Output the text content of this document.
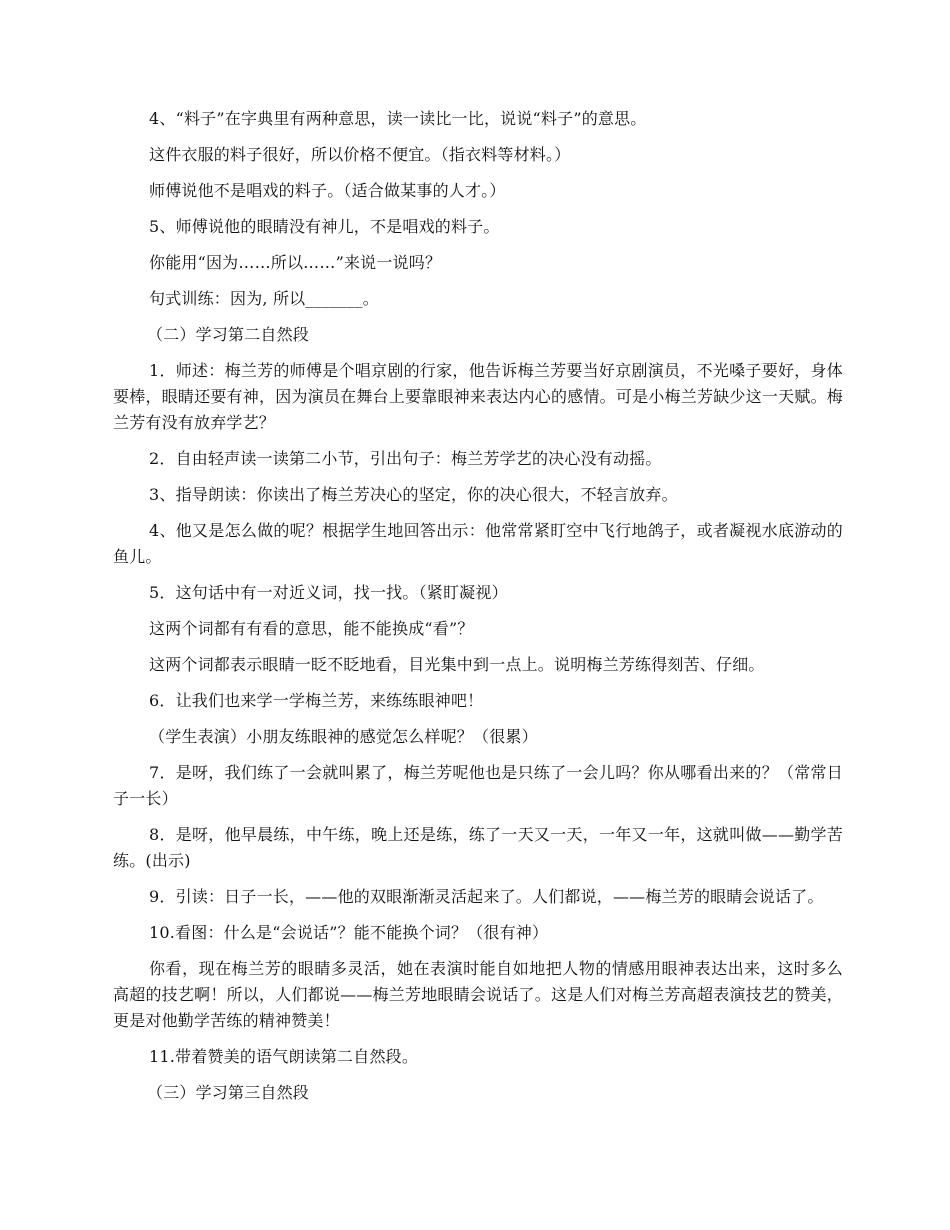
4、“料子”在字典里有两种意思，读一读比一比，说说“料子”的意思。

这件衣服的料子很好，所以价格不便宜。（指衣料等材料。）

师傅说他不是唱戏的料子。（适合做某事的人才。）

5、师傅说他的眼睛没有神儿，不是唱戏的料子。

你能用“因为……所以……”来说一说吗？

句式训练：因为, 所以_______。

（二）学习第二自然段

1．师述：梅兰芳的师傅是个唱京剧的行家，他告诉梅兰芳要当好京剧演员，不光嗓子要好，身体要棒，眼睛还要有神，因为演员在舞台上要靠眼神来表达内心的感情。可是小梅兰芳缺少这一天赋。梅兰芳有没有放弃学艺？

2．自由轻声读一读第二小节，引出句子：梅兰芳学艺的决心没有动摇。

3、指导朗读：你读出了梅兰芳决心的坚定，你的决心很大，不轻言放弃。

4、他又是怎么做的呢？根据学生地回答出示：他常常紧盯空中飞行地鸽子，或者凝视水底游动的鱼儿。

5．这句话中有一对近义词，找一找。（紧盯凝视）

这两个词都有有看的意思，能不能换成“看”？

这两个词都表示眼睛一眨不眨地看，目光集中到一点上。说明梅兰芳练得刻苦、仔细。

6．让我们也来学一学梅兰芳，来练练眼神吧！

（学生表演）小朋友练眼神的感觉怎么样呢？（很累）

7．是呀，我们练了一会就叫累了，梅兰芳呢他也是只练了一会儿吗？你从哪看出来的？（常常日子一长）

8．是呀，他早晨练，中午练，晚上还是练，练了一天又一天，一年又一年，这就叫做——勤学苦练。(出示)

9．引读：日子一长，——他的双眼渐渐灵活起来了。人们都说，——梅兰芳的眼睛会说话了。

10.看图：什么是“会说话”？能不能换个词？（很有神）

你看，现在梅兰芳的眼睛多灵活，她在表演时能自如地把人物的情感用眼神表达出来，这时多么高超的技艺啊！所以，人们都说——梅兰芳地眼睛会说话了。这是人们对梅兰芳高超表演技艺的赞美，更是对他勤学苦练的精神赞美！

11.带着赞美的语气朗读第二自然段。

（三）学习第三自然段
